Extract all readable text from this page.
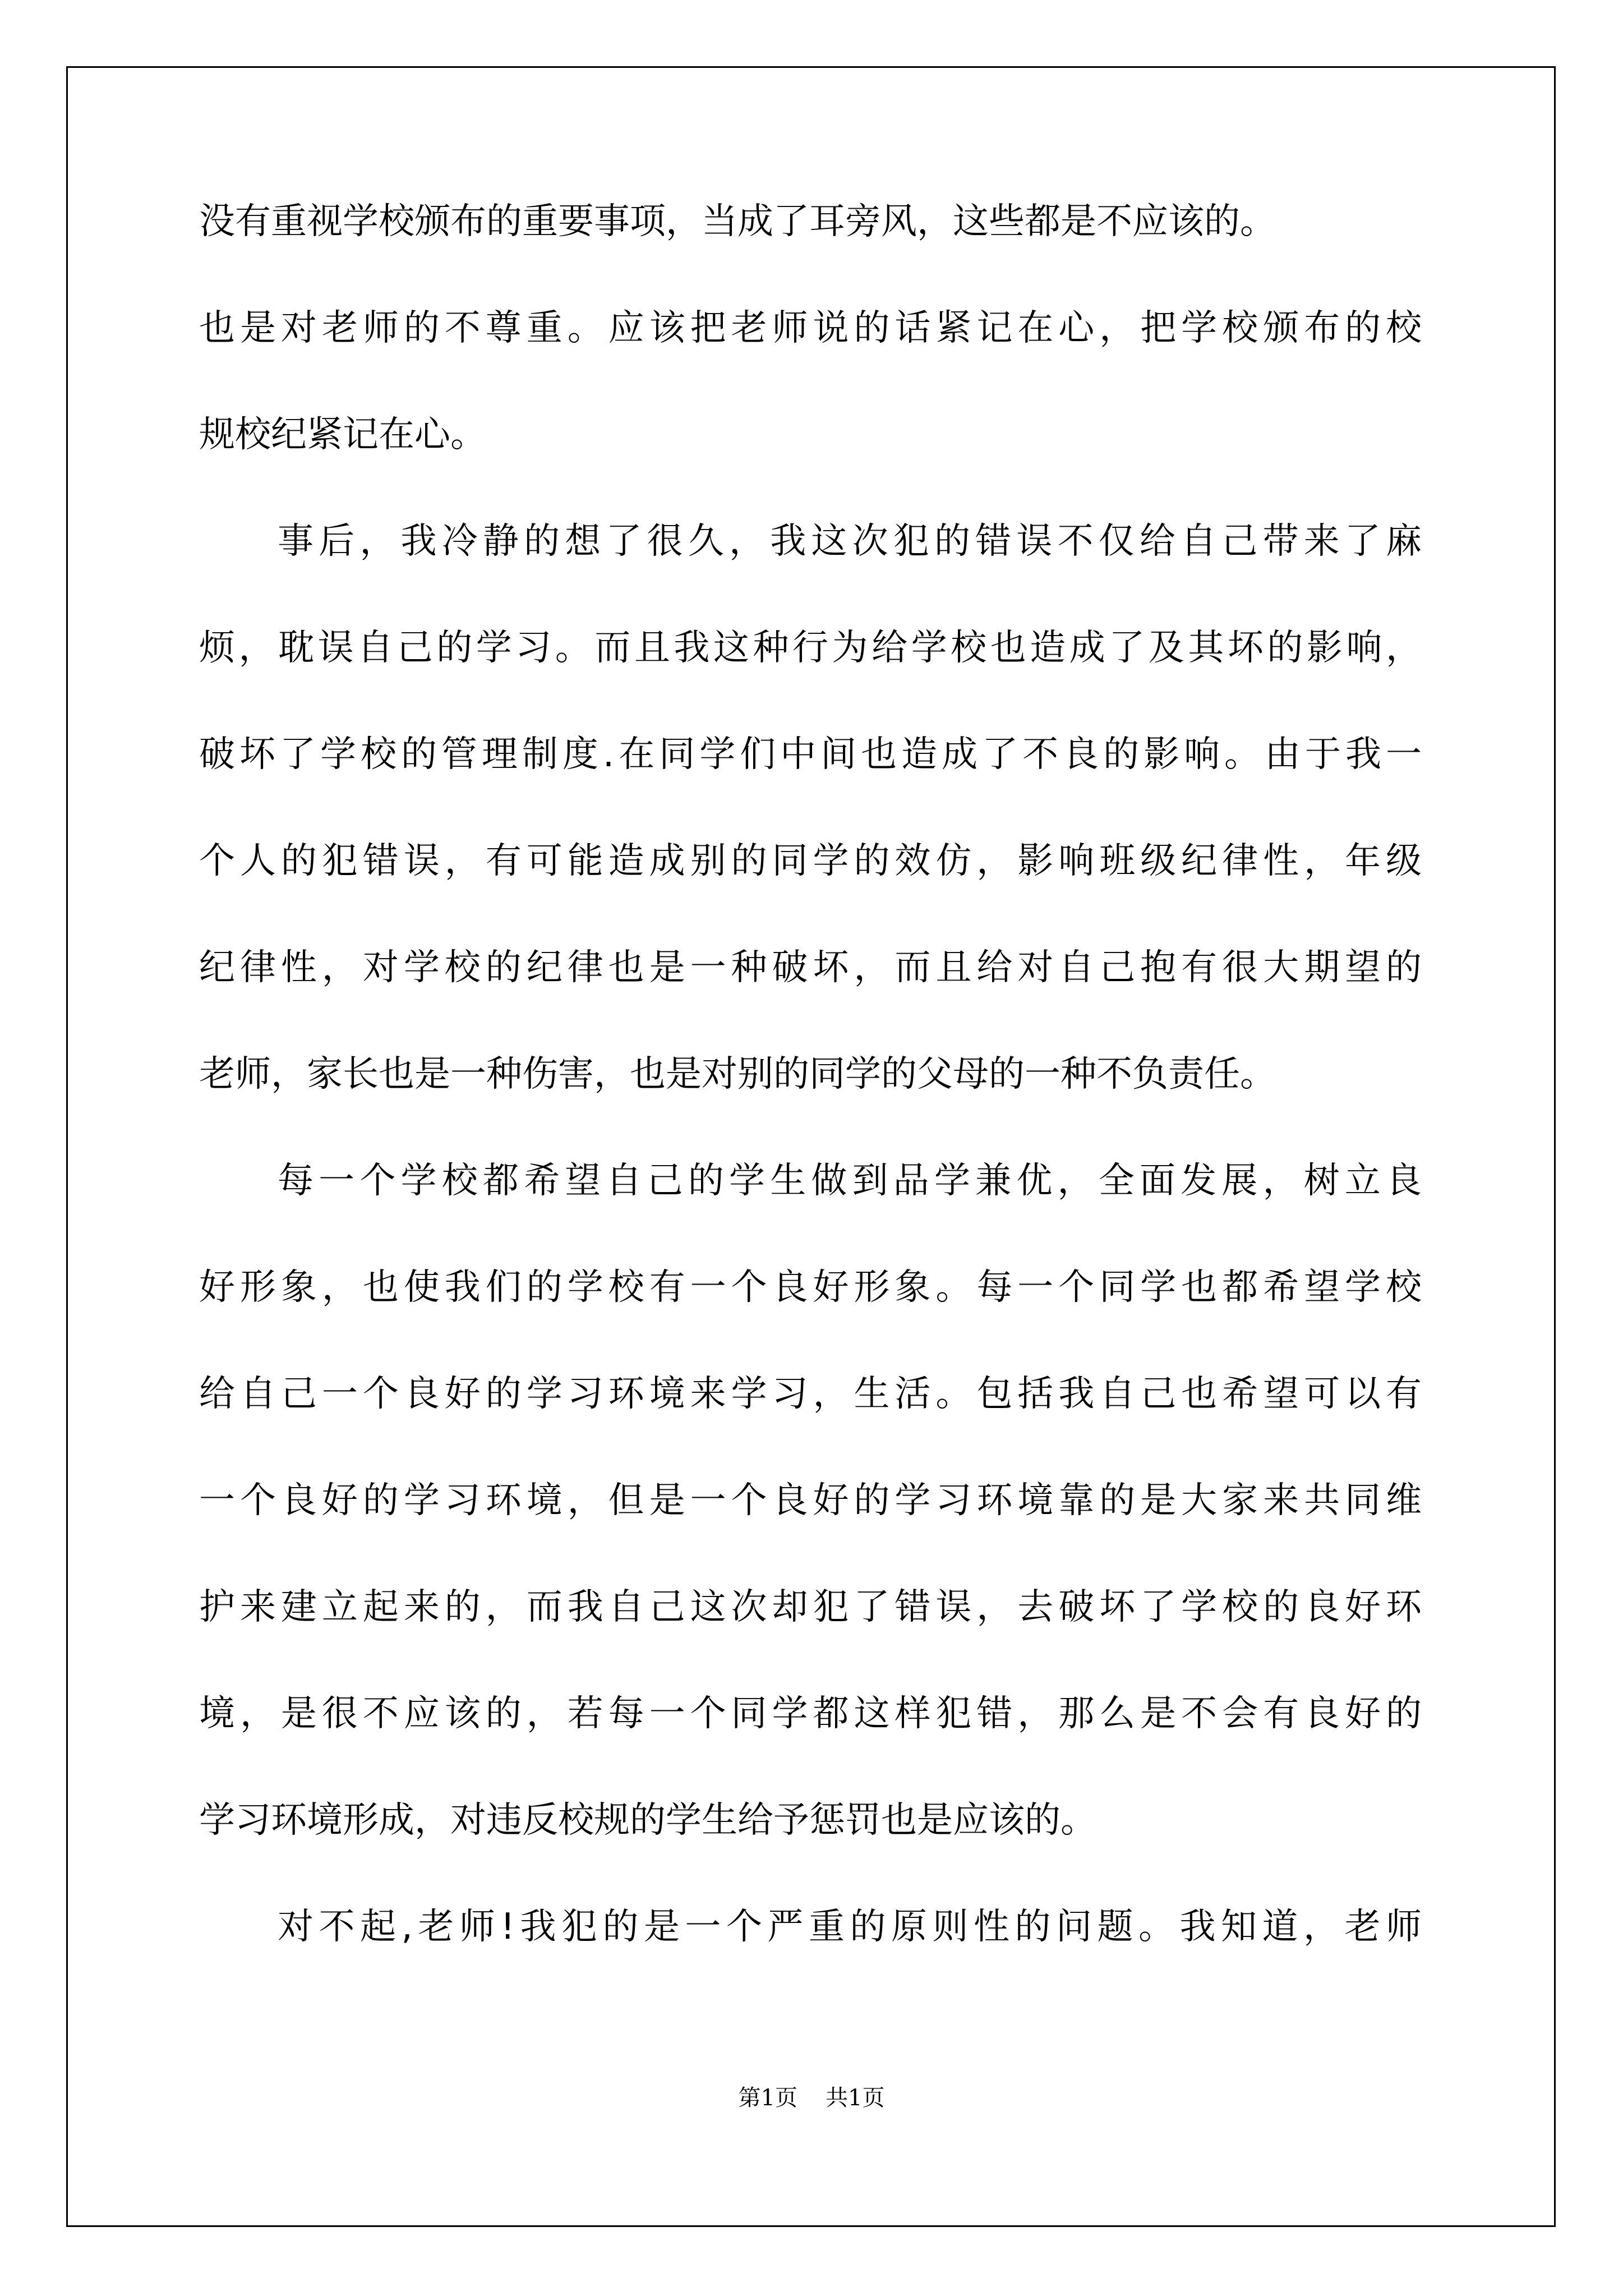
没有重视学校颁布的重要事项，当成了耳旁风，这些都是不应该的。
也是对老师的不尊重。应该把老师说的话紧记在心，把学校颁布的校
规校纪紧记在心。
事后，我冷静的想了很久，我这次犯的错误不仅给自己带来了麻
烦，耽误自己的学习。而且我这种行为给学校也造成了及其坏的影响，
破坏了学校的管理制度.在同学们中间也造成了不良的影响。由于我一
个人的犯错误，有可能造成别的同学的效仿，影响班级纪律性，年级
纪律性，对学校的纪律也是一种破坏，而且给对自己抱有很大期望的
老师，家长也是一种伤害，也是对别的同学的父母的一种不负责任。
每一个学校都希望自己的学生做到品学兼优，全面发展，树立良
好形象，也使我们的学校有一个良好形象。每一个同学也都希望学校
给自己一个良好的学习环境来学习，生活。包括我自己也希望可以有
一个良好的学习环境，但是一个良好的学习环境靠的是大家来共同维
护来建立起来的，而我自己这次却犯了错误，去破坏了学校的良好环
境，是很不应该的，若每一个同学都这样犯错，那么是不会有良好的
学习环境形成，对违反校规的学生给予惩罚也是应该的。
对不起,老师!我犯的是一个严重的原则性的问题。我知道，老师
第1页 共1页
